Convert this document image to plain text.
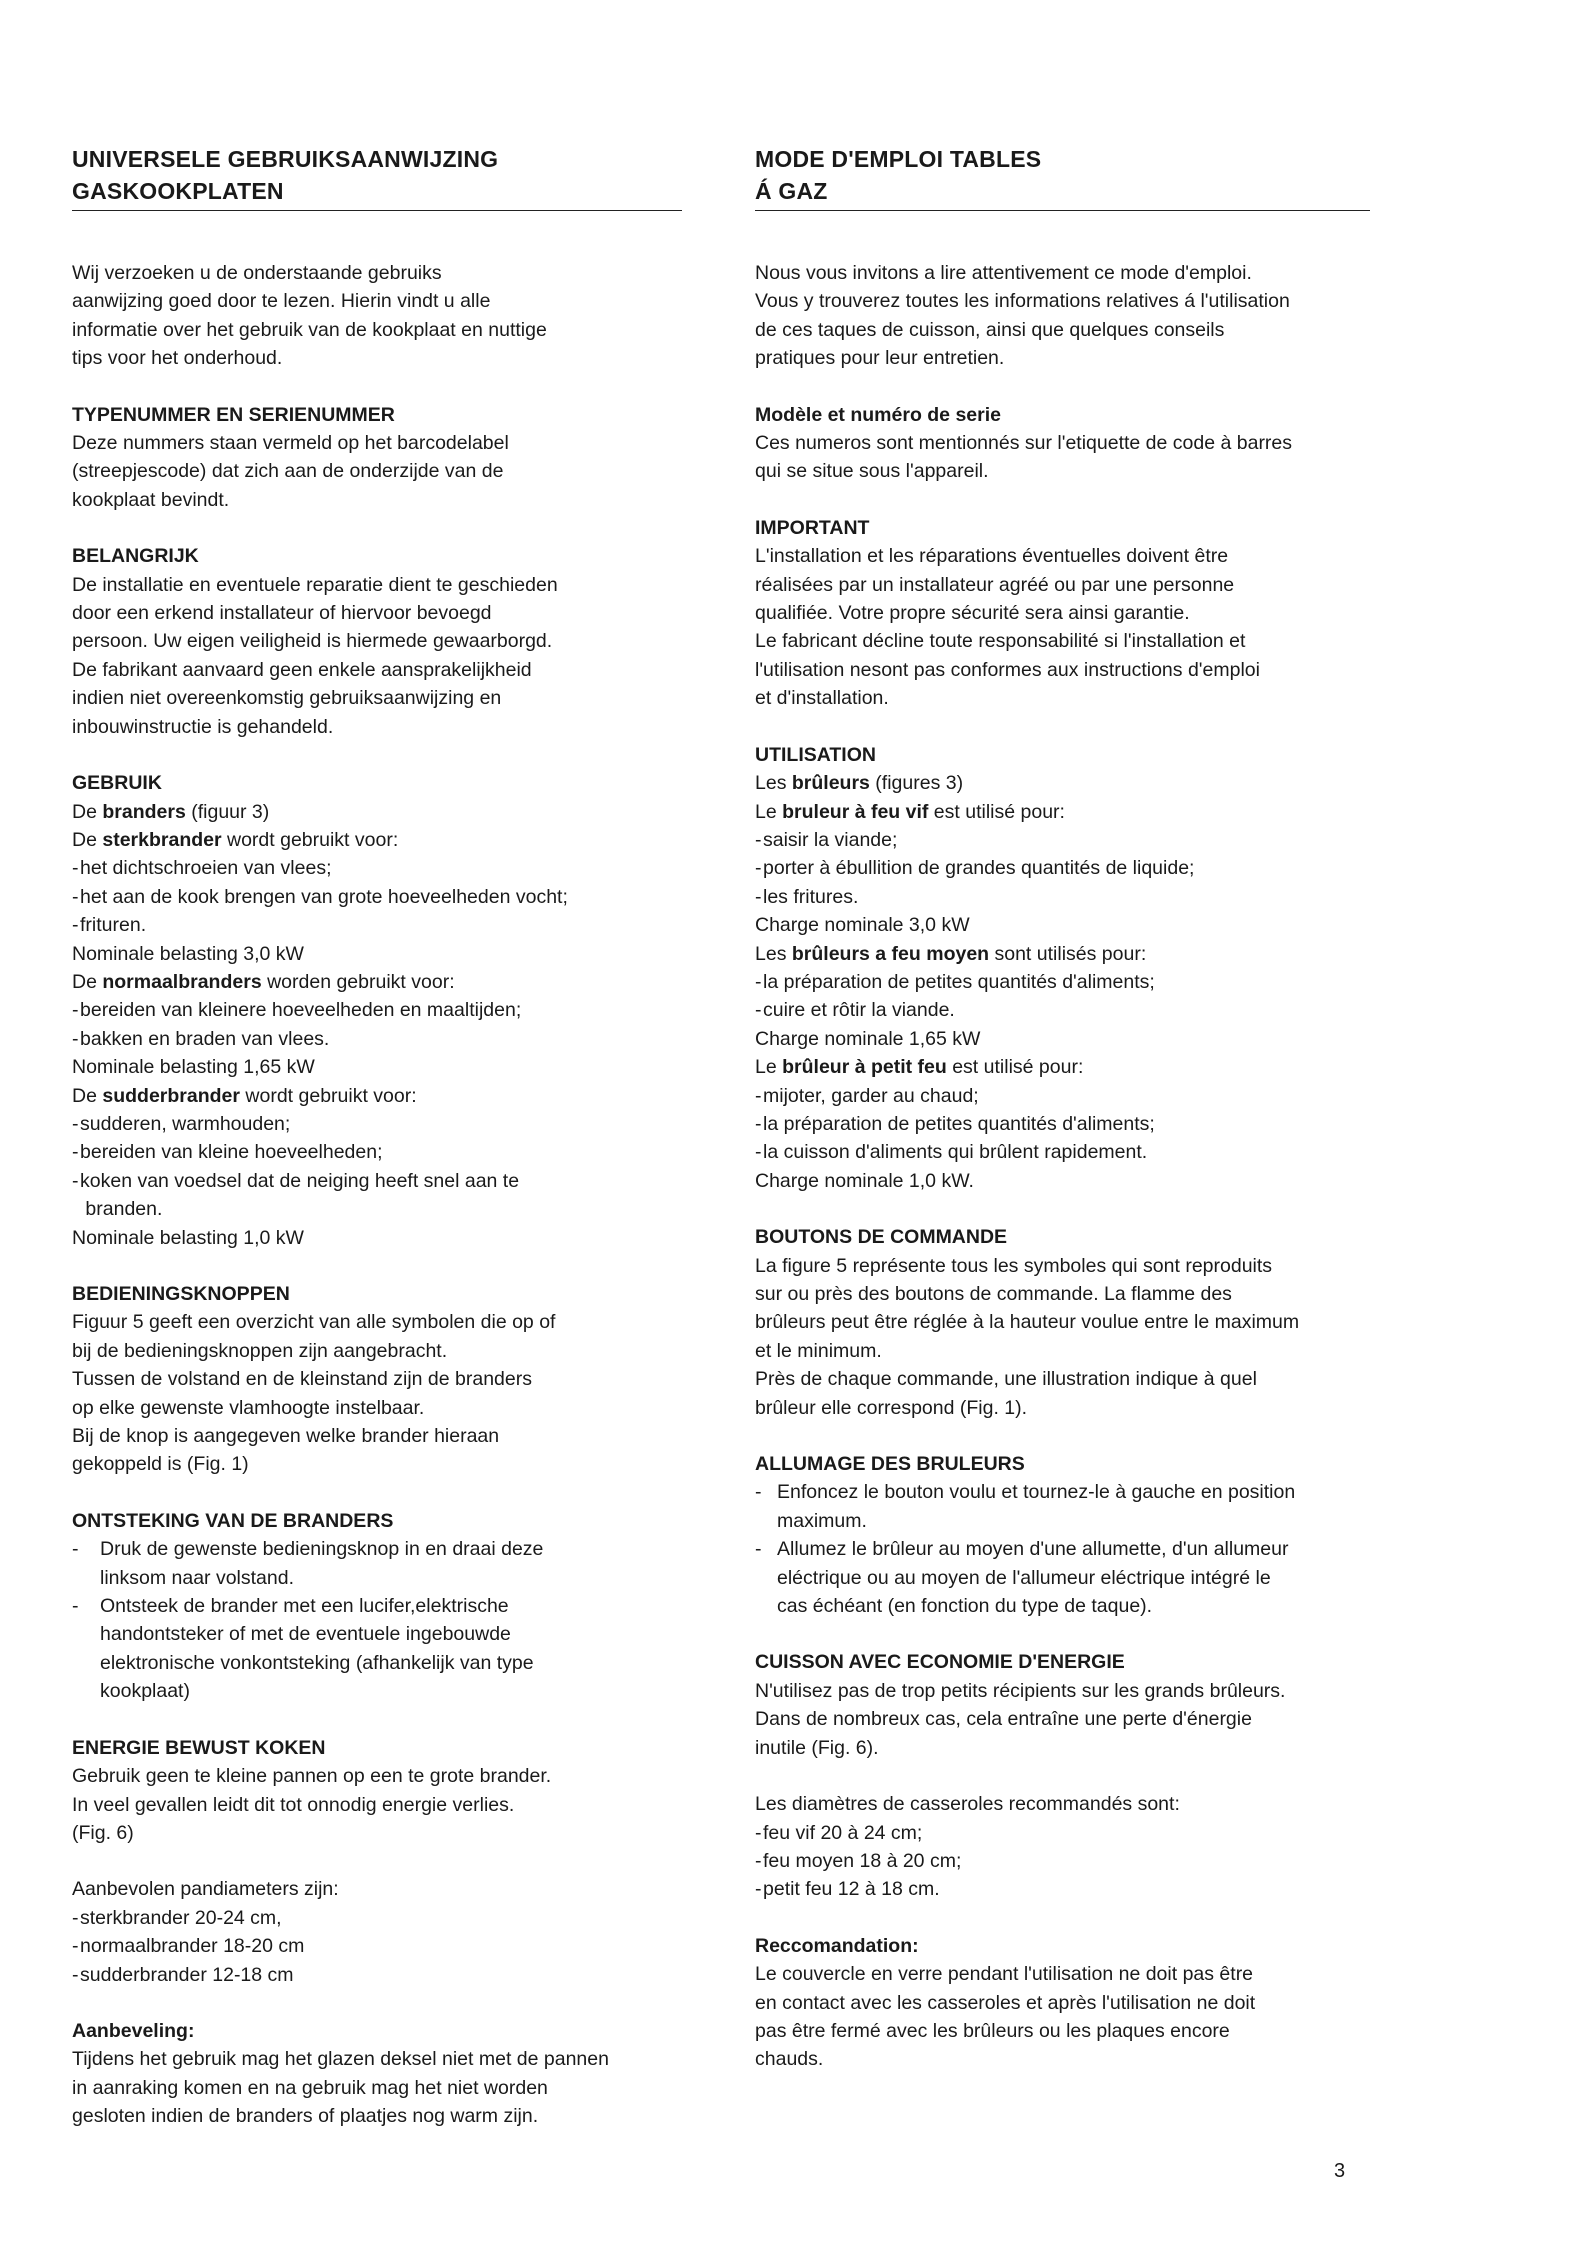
UNIVERSELE GEBRUIKSAANWIJZING
GASKOOKPLATEN

Wij verzoeken u de onderstaande gebruiks

aanwijzing goed door te lezen. Hierin vindt u alle

informatie over het gebruik van de kookplaat en nuttige

tips voor het onderhoud.

TYPENUMMER EN SERIENUMMER

Deze nummers staan vermeld op het barcodelabel

(streepjescode) dat zich aan de onderzijde van de

kookplaat bevindt.

BELANGRIJK

De installatie en eventuele reparatie dient te geschieden

door een erkend installateur of hiervoor bevoegd

persoon. Uw eigen veiligheid is hiermede gewaarborgd.

De fabrikant aanvaard geen enkele aansprakelijkheid

indien niet overeenkomstig gebruiksaanwijzing en

inbouwinstructie is gehandeld.

GEBRUIK

De branders (figuur 3)

De sterkbrander wordt gebruikt voor:

- het dichtschroeien van vlees;
- het aan de kook brengen van grote hoeveelheden vocht;
- frituren.

Nominale belasting 3,0 kW

De normaalbranders worden gebruikt voor:

- bereiden van kleinere hoeveelheden en maaltijden;
- bakken en braden van vlees.

Nominale belasting 1,65 kW

De sudderbrander wordt gebruikt voor:

- sudderen, warmhouden;
- bereiden van kleine hoeveelheden;
- koken van voedsel dat de neiging heeft snel aan te
branden.

Nominale belasting 1,0 kW

BEDIENINGSKNOPPEN

Figuur 5 geeft een overzicht van alle symbolen die op of

bij de bedieningsknoppen zijn aangebracht.

Tussen de volstand en de kleinstand zijn de branders

op elke gewenste vlamhoogte instelbaar.

Bij de knop is aangegeven welke brander hieraan

gekoppeld is (Fig. 1)

ONTSTEKING VAN DE BRANDERS

- Druk de gewenste bedieningsknop in en draai deze

linksom naar volstand.

- Ontsteek de brander met een lucifer,elektrische

handontsteker of met de eventuele ingebouwde

elektronische vonkontsteking (afhankelijk van type

kookplaat)

ENERGIE BEWUST KOKEN

Gebruik geen te kleine pannen op een te grote brander.

In veel gevallen leidt dit tot onnodig energie verlies.

(Fig. 6)

Aanbevolen pandiameters zijn:

- sterkbrander 20-24 cm,
- normaalbrander 18-20 cm
- sudderbrander 12-18 cm

Aanbeveling:

Tijdens het gebruik mag het glazen deksel niet met de pannen

in aanraking komen en na gebruik mag het niet worden

gesloten indien de branders of plaatjes nog warm zijn.

MODE D'EMPLOI TABLES
Á GAZ

Nous vous invitons a lire attentivement ce mode d'emploi.

Vous y trouverez toutes les informations relatives á l'utilisation

de ces taques de cuisson, ainsi que quelques conseils

pratiques pour leur entretien.

Modèle et numéro de serie

Ces numeros sont mentionnés sur l'etiquette de code à barres

qui se situe sous l'appareil.

IMPORTANT

L'installation et les réparations éventuelles doivent être

réalisées par un installateur agréé ou par une personne

qualifiée. Votre propre sécurité sera ainsi garantie.

Le fabricant décline toute responsabilité si l'installation et

l'utilisation nesont pas conformes aux instructions d'emploi

et d'installation.

UTILISATION

Les brûleurs (figures 3)

Le bruleur à feu vif est utilisé pour:

- saisir la viande;
- porter à ébullition de grandes quantités de liquide;
- les fritures.

Charge nominale 3,0 kW

Les brûleurs a feu moyen sont utilisés pour:

- la préparation de petites quantités d'aliments;
- cuire et rôtir la viande.

Charge nominale 1,65 kW

Le brûleur à petit feu est utilisé pour:

- mijoter, garder au chaud;
- la préparation de petites quantités d'aliments;
- la cuisson d'aliments qui brûlent rapidement.

Charge nominale 1,0 kW.

BOUTONS DE COMMANDE

La figure 5 représente tous les symboles qui sont reproduits

sur ou près des boutons de commande. La flamme des

brûleurs peut être réglée à la hauteur voulue entre le maximum

et le minimum.

Près de chaque commande, une illustration indique à quel

brûleur elle correspond (Fig. 1).

ALLUMAGE DES BRULEURS

- Enfoncez le bouton voulu et tournez-le à gauche en position

maximum.

- Allumez le brûleur au moyen d'une allumette, d'un allumeur

eléctrique ou au moyen de l'allumeur eléctrique intégré le

cas échéant (en fonction du type de taque).

CUISSON AVEC ECONOMIE D'ENERGIE

N'utilisez pas de trop petits récipients sur les grands brûleurs.

Dans de nombreux cas, cela entraîne une perte d'énergie

inutile (Fig. 6).

Les diamètres de casseroles recommandés sont:

- feu vif 20 à 24 cm;
- feu moyen 18 à 20 cm;
- petit feu 12 à 18 cm.

Reccomandation:

Le couvercle en verre pendant l'utilisation ne doit pas être

en contact avec les casseroles et après l'utilisation ne doit

pas être fermé avec les brûleurs ou les plaques encore

chauds.

3
